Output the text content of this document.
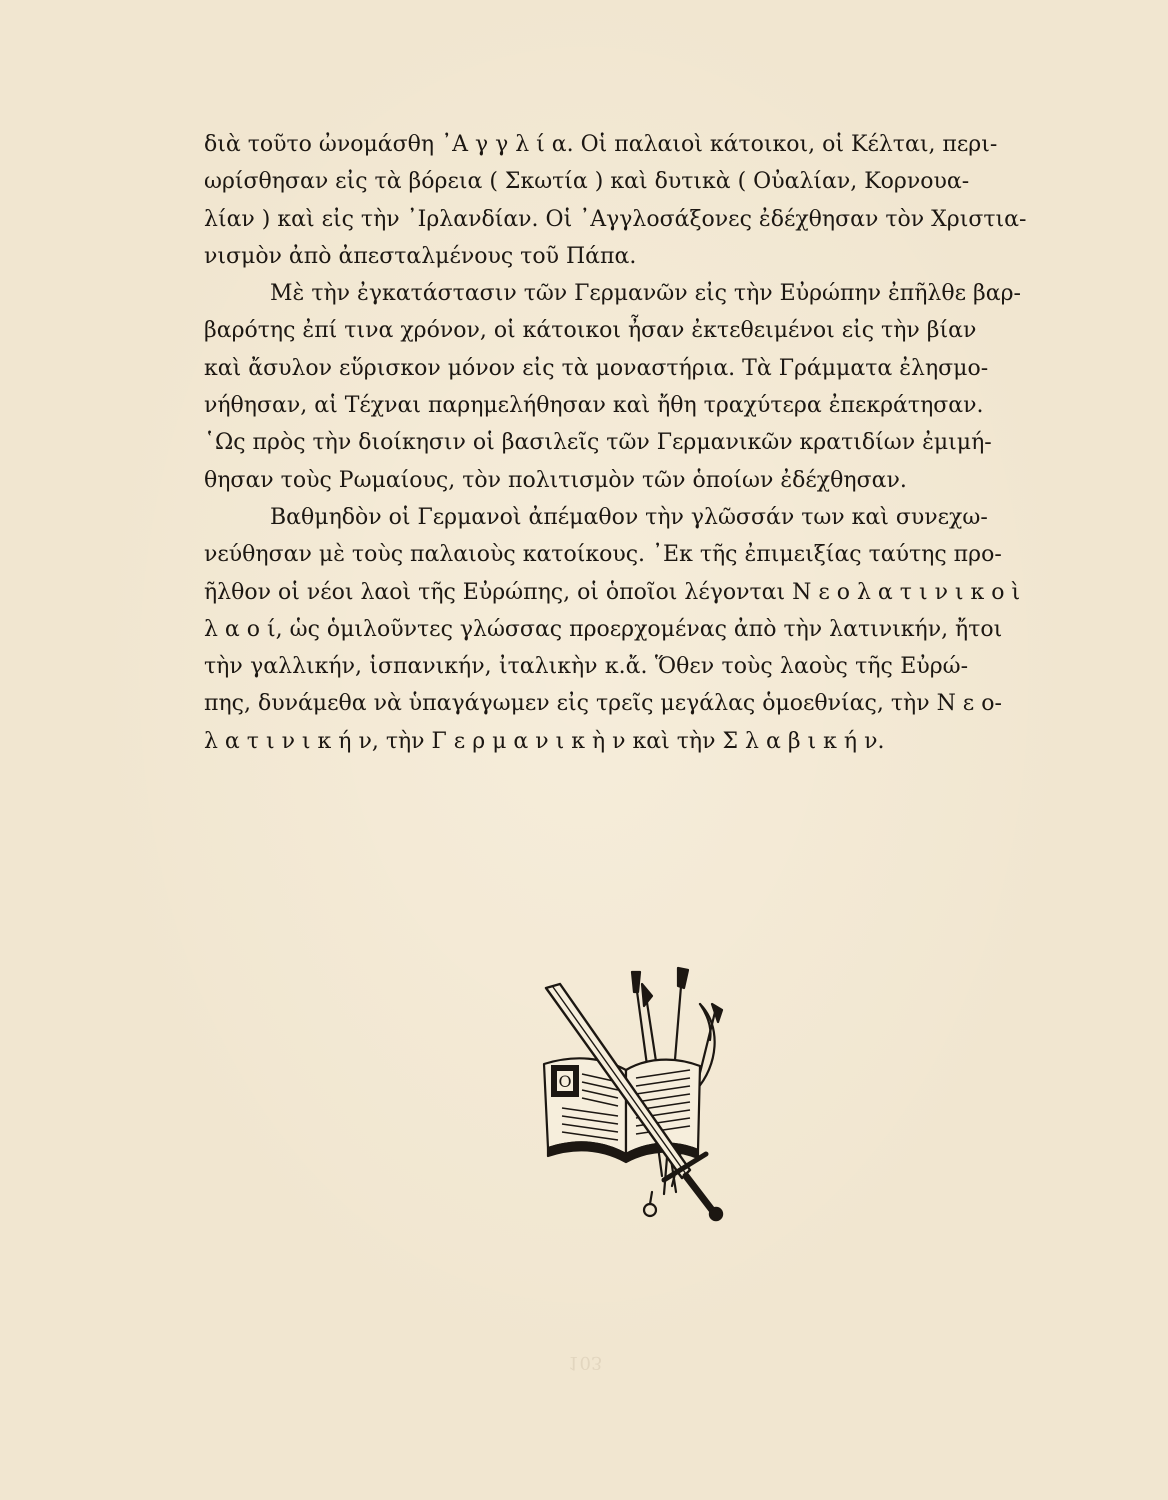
διὰ τοῦτο ὠνομάσθη ᾿Α γ γ λ ί α. Οἱ παλαιοὶ κάτοικοι, οἱ Κέλται, περι-
ωρίσθησαν εἰς τὰ βόρεια ( Σκωτία ) καὶ δυτικὰ ( Οὐαλίαν, Κορνουα-
λίαν ) καὶ εἰς τὴν ᾿Ιρλανδίαν. Οἱ ᾿Αγγλοσάξονες ἐδέχθησαν τὸν Χριστια-
νισμὸν ἀπὸ ἀπεσταλμένους τοῦ Πάπα.
Μὲ τὴν ἐγκατάστασιν τῶν Γερμανῶν εἰς τὴν Εὐρώπην ἐπῆλθε βαρ-
βαρότης ἐπί τινα χρόνον, οἱ κάτοικοι ἦσαν ἐκτεθειμένοι εἰς τὴν βίαν
καὶ ἄσυλον εὕρισκον μόνον εἰς τὰ μοναστήρια. Τὰ Γράμματα ἐλησμο-
νήθησαν, αἱ Τέχναι παρημελήθησαν καὶ ἤθη τραχύτερα ἐπεκράτησαν.
῾Ως πρὸς τὴν διοίκησιν οἱ βασιλεῖς τῶν Γερμανικῶν κρατιδίων ἐμιμή-
θησαν τοὺς Ρωμαίους, τὸν πολιτισμὸν τῶν ὁποίων ἐδέχθησαν.
Βαθμηδὸν οἱ Γερμανοὶ ἀπέμαθον τὴν γλῶσσάν των καὶ συνεχω-
νεύθησαν μὲ τοὺς παλαιοὺς κατοίκους. ᾿Εκ τῆς ἐπιμειξίας ταύτης προ-
ῆλθον οἱ νέοι λαοὶ τῆς Εὐρώπης, οἱ ὁποῖοι λέγονται Ν ε ο λ α τ ι ν ι κ ο ὶ
λ α ο ί, ὡς ὁμιλοῦντες γλώσσας προερχομένας ἀπὸ τὴν λατινικήν, ἤτοι
τὴν γαλλικήν, ἱσπανικήν, ἰταλικὴν κ.ἄ. Ὅθεν τοὺς λαοὺς τῆς Εὐρώ-
πης, δυνάμεθα νὰ ὑπαγάγωμεν εἰς τρεῖς μεγάλας ὁμοεθνίας, τὴν Ν ε ο-
λ α τ ι ν ι κ ή ν, τὴν Γ ε ρ μ α ν ι κ ὴ ν καὶ τὴν Σ λ α β ι κ ή ν.
O
103
